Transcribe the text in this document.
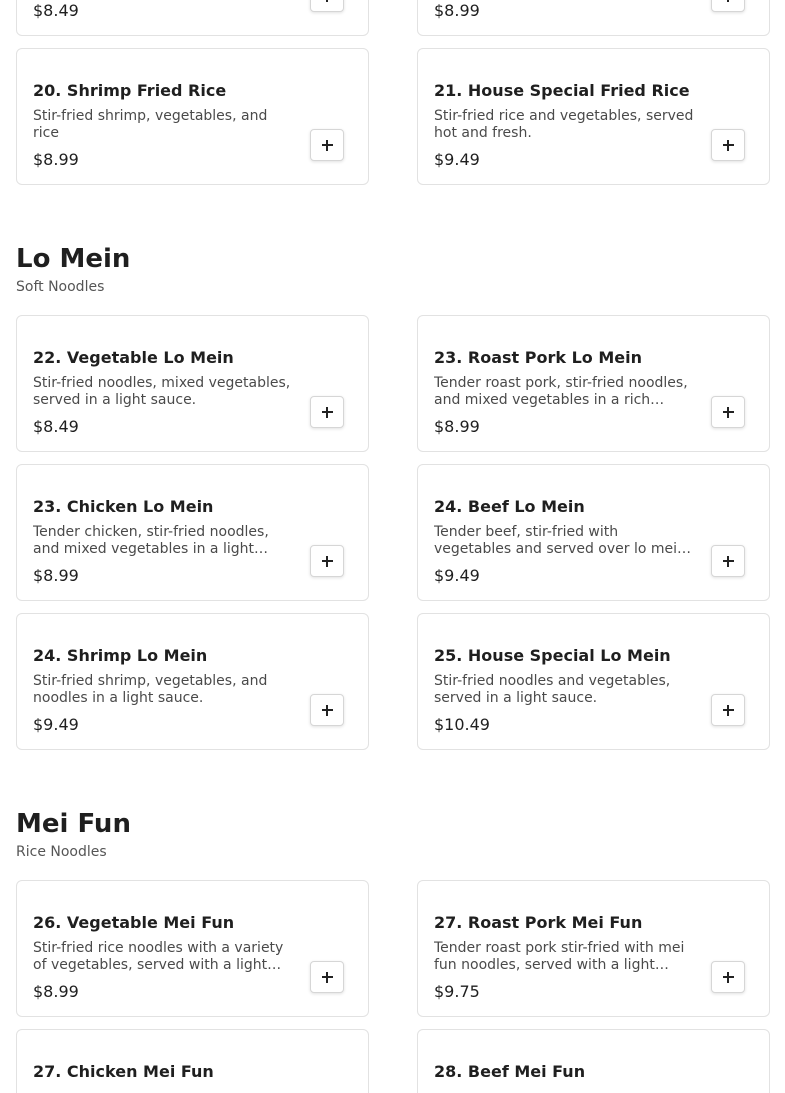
$8.49	$8.99
20. Shrimp Fried Rice
Stir-fried shrimp, vegetables, and rice
$8.99
21. House Special Fried Rice
Stir-fried rice and vegetables, served hot and fresh.
$9.49
Lo Mein
Soft Noodles
22. Vegetable Lo Mein
Stir-fried noodles, mixed vegetables, served in a light sauce.
$8.49
23. Roast Pork Lo Mein
Tender roast pork, stir-fried noodles, and mixed vegetables in a rich…
$8.99
23. Chicken Lo Mein
Tender chicken, stir-fried noodles, and mixed vegetables in a light…
$8.99
24. Beef Lo Mein
Tender beef, stir-fried with vegetables and served over lo mei…
$9.49
24. Shrimp Lo Mein
Stir-fried shrimp, vegetables, and noodles in a light sauce.
$9.49
25. House Special Lo Mein
Stir-fried noodles and vegetables, served in a light sauce.
$10.49
Mei Fun
Rice Noodles
26. Vegetable Mei Fun
Stir-fried rice noodles with a variety of vegetables, served with a light…
$8.99
27. Roast Pork Mei Fun
Tender roast pork stir-fried with mei fun noodles, served with a light…
$9.75
27. Chicken Mei Fun	28. Beef Mei Fun
